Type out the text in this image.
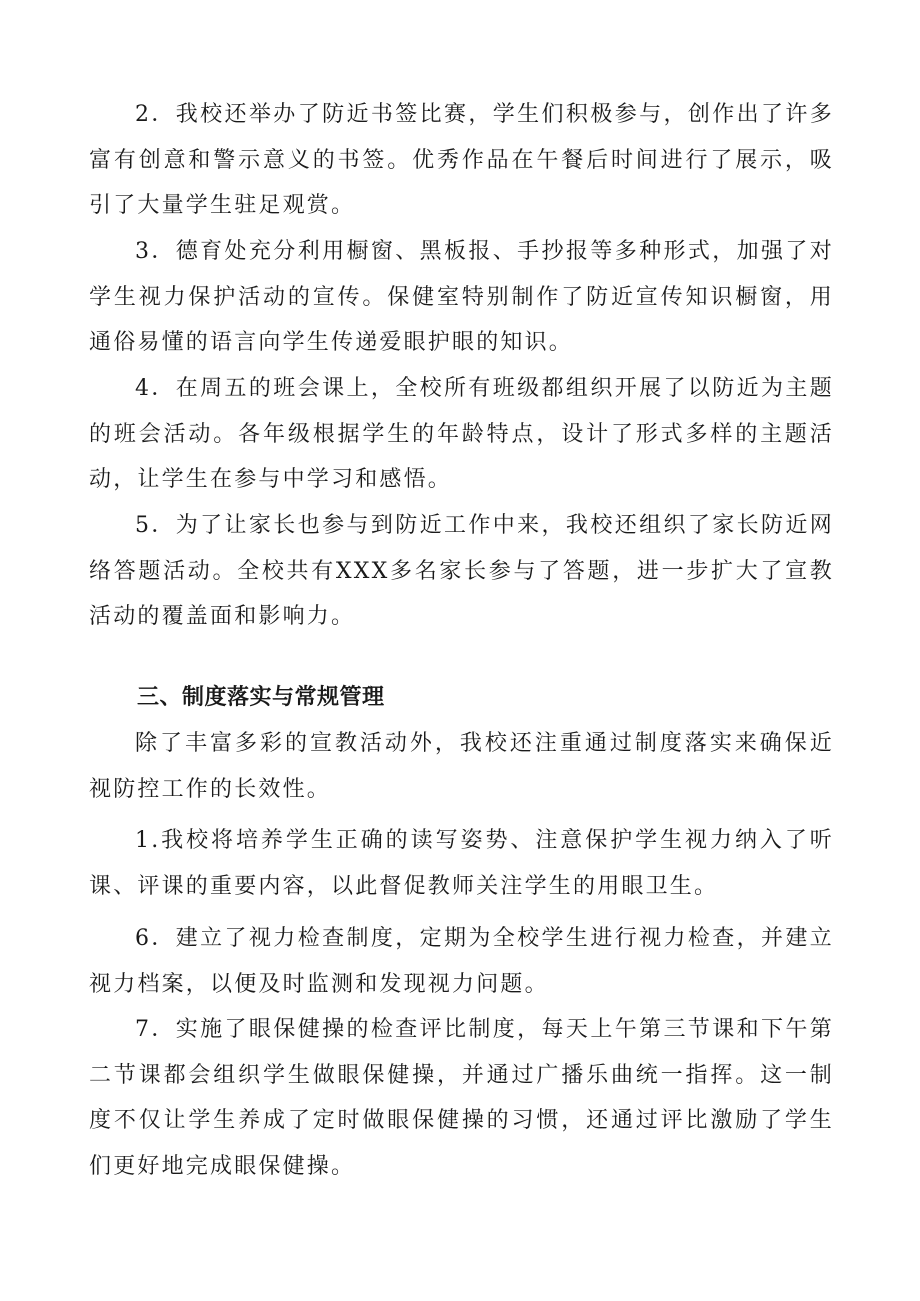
2．我校还举办了防近书签比赛，学生们积极参与，创作出了许多富有创意和警示意义的书签。优秀作品在午餐后时间进行了展示，吸引了大量学生驻足观赏。

3．德育处充分利用橱窗、黑板报、手抄报等多种形式，加强了对学生视力保护活动的宣传。保健室特别制作了防近宣传知识橱窗，用通俗易懂的语言向学生传递爱眼护眼的知识。

4．在周五的班会课上，全校所有班级都组织开展了以防近为主题的班会活动。各年级根据学生的年龄特点，设计了形式多样的主题活动，让学生在参与中学习和感悟。

5．为了让家长也参与到防近工作中来，我校还组织了家长防近网络答题活动。全校共有XXX多名家长参与了答题，进一步扩大了宣教活动的覆盖面和影响力。

三、制度落实与常规管理

除了丰富多彩的宣教活动外，我校还注重通过制度落实来确保近视防控工作的长效性。

1.我校将培养学生正确的读写姿势、注意保护学生视力纳入了听课、评课的重要内容，以此督促教师关注学生的用眼卫生。

6．建立了视力检查制度，定期为全校学生进行视力检查，并建立视力档案，以便及时监测和发现视力问题。

7．实施了眼保健操的检查评比制度，每天上午第三节课和下午第二节课都会组织学生做眼保健操，并通过广播乐曲统一指挥。这一制度不仅让学生养成了定时做眼保健操的习惯，还通过评比激励了学生们更好地完成眼保健操。
